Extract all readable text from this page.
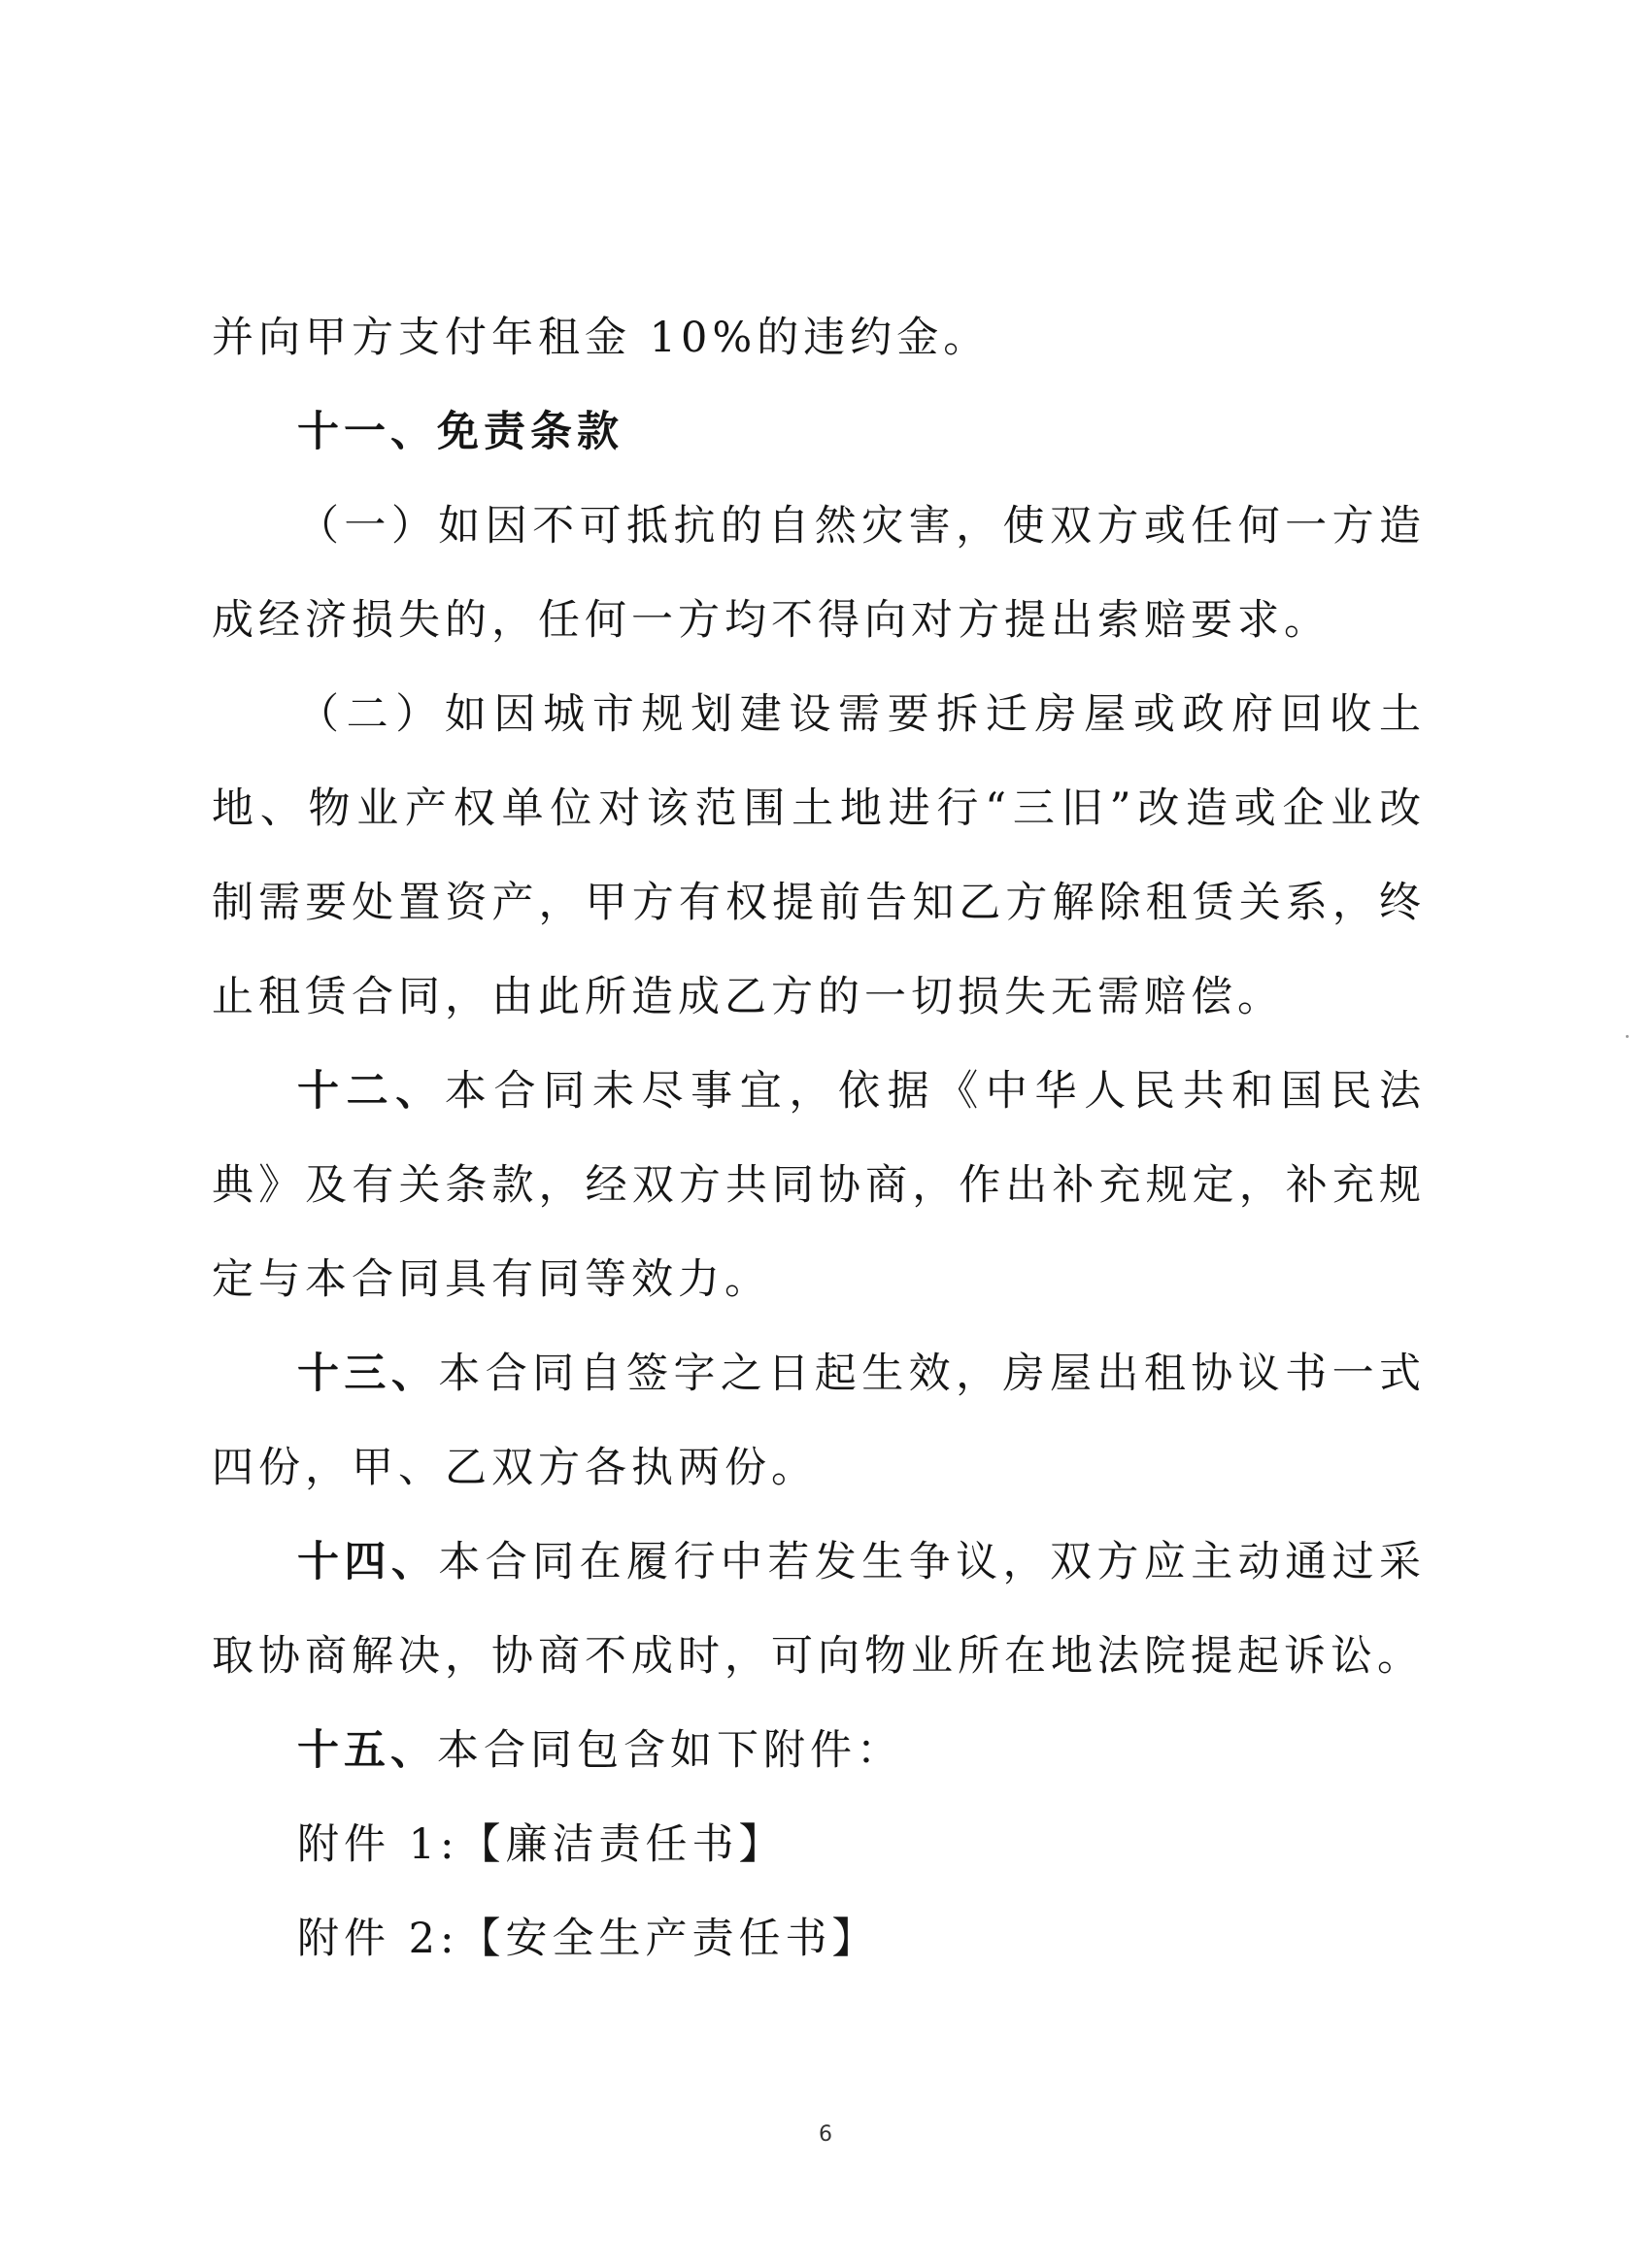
并向甲方支付年租金 10%的违约金。

十一、免责条款

（一）如因不可抵抗的自然灾害，使双方或任何一方造成经济损失的，任何一方均不得向对方提出索赔要求。

（二）如因城市规划建设需要拆迁房屋或政府回收土地、物业产权单位对该范围土地进行“三旧”改造或企业改制需要处置资产，甲方有权提前告知乙方解除租赁关系，终止租赁合同，由此所造成乙方的一切损失无需赔偿。

十二、本合同未尽事宜，依据《中华人民共和国民法典》及有关条款，经双方共同协商，作出补充规定，补充规定与本合同具有同等效力。

十三、本合同自签字之日起生效，房屋出租协议书一式四份，甲、乙双方各执两份。

十四、本合同在履行中若发生争议，双方应主动通过采取协商解决，协商不成时，可向物业所在地法院提起诉讼。

十五、本合同包含如下附件：

附件 1:【廉洁责任书】

附件 2:【安全生产责任书】

6
